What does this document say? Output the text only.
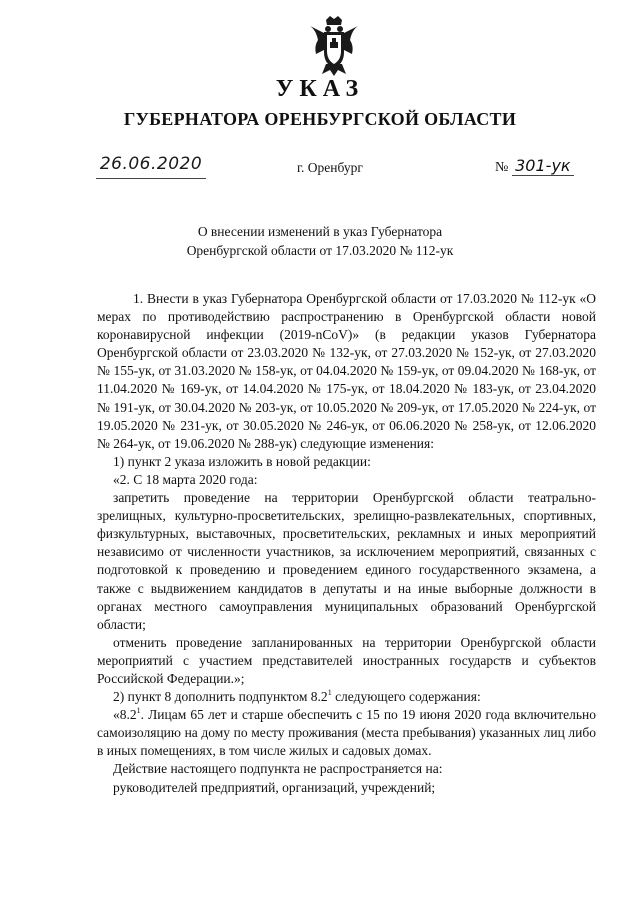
УКАЗ
ГУБЕРНАТОРА ОРЕНБУРГСКОЙ ОБЛАСТИ
26.06.2020	г. Оренбург	№ 301-ук
О внесении изменений в указ Губернатора
Оренбургской области от 17.03.2020 № 112-ук

1. Внести в указ Губернатора Оренбургской области от 17.03.2020 № 112-ук «О мерах по противодействию распространению в Оренбургской области новой коронавирусной инфекции (2019-nCoV)» (в редакции указов Губернатора Оренбургской области от 23.03.2020 № 132-ук, от 27.03.2020 № 152-ук, от 27.03.2020 № 155-ук, от 31.03.2020 № 158-ук, от 04.04.2020 № 159-ук, от 09.04.2020 № 168-ук, от 11.04.2020 № 169-ук, от 14.04.2020 № 175-ук, от 18.04.2020 № 183-ук, от 23.04.2020 № 191-ук, от 30.04.2020 № 203-ук, от 10.05.2020 № 209-ук, от 17.05.2020 № 224-ук, от 19.05.2020 № 231-ук, от 30.05.2020 № 246-ук, от 06.06.2020 № 258-ук, от 12.06.2020 № 264-ук, от 19.06.2020 № 288-ук) следующие изменения:

1) пункт 2 указа изложить в новой редакции:

«2. С 18 марта 2020 года:

запретить проведение на территории Оренбургской области театрально-зрелищных, культурно-просветительских, зрелищно-развлекательных, спортивных, физкультурных, выставочных, просветительских, рекламных и иных мероприятий независимо от численности участников, за исключением мероприятий, связанных с подготовкой к проведению и проведением единого государственного экзамена, а также с выдвижением кандидатов в депутаты и на иные выборные должности в органах местного самоуправления муниципальных образований Оренбургской области;

отменить проведение запланированных на территории Оренбургской области мероприятий с участием представителей иностранных государств и субъектов Российской Федерации.»;

2) пункт 8 дополнить подпунктом $8.2^1$ следующего содержания:

«$8.2^1$. Лицам 65 лет и старше обеспечить с 15 по 19 июня 2020 года включительно самоизоляцию на дому по месту проживания (места пребывания) указанных лиц либо в иных помещениях, в том числе жилых и садовых домах.

Действие настоящего подпункта не распространяется на:

руководителей предприятий, организаций, учреждений;
